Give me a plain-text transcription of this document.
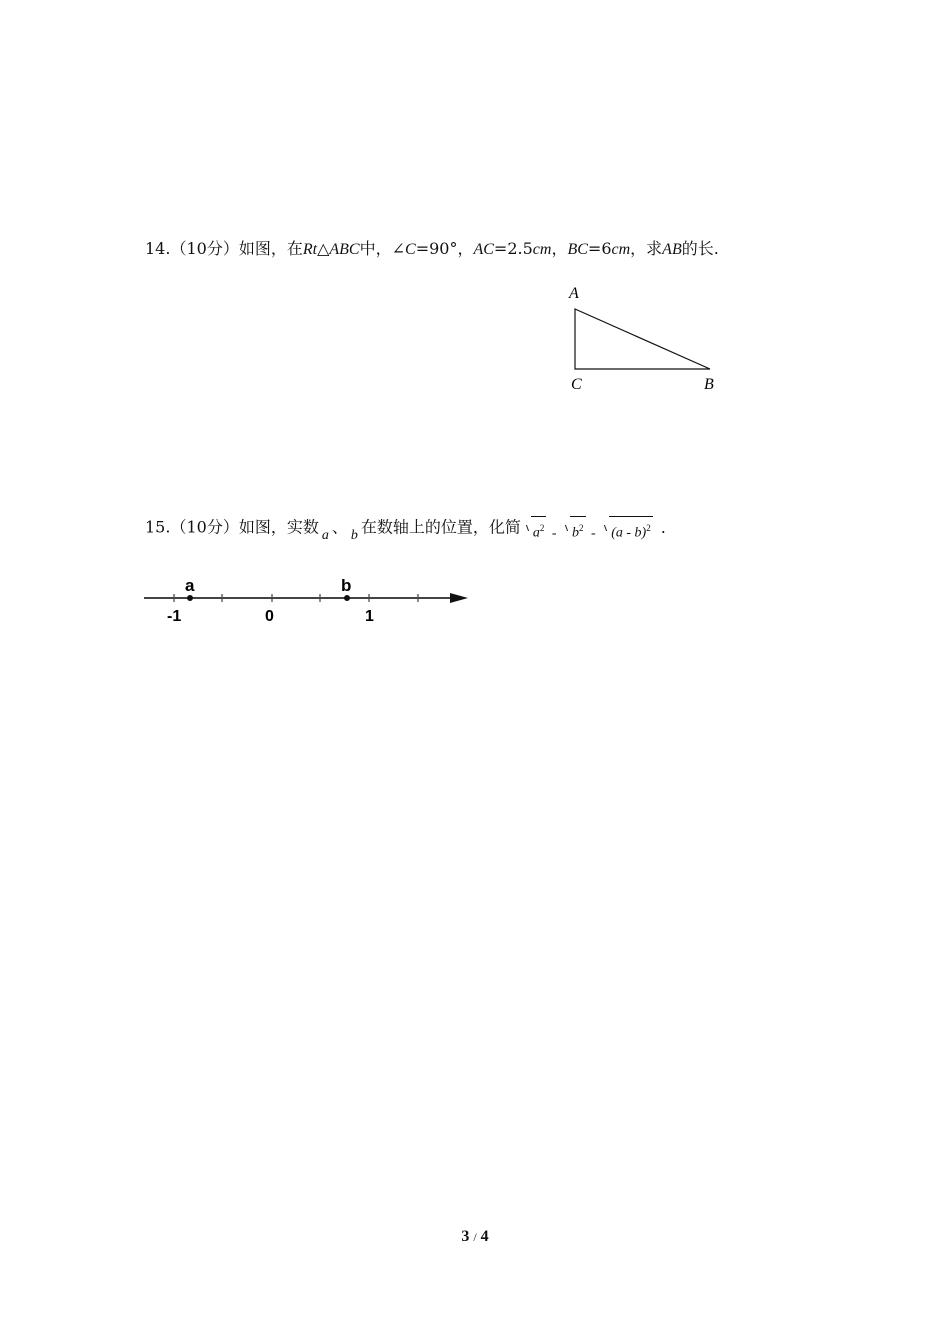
14.（10分）如图，在Rt△ABC中，∠C=90°，AC=2.5cm，BC=6cm，求AB的长.
A
C	B
15.（10分）如图，实数 a 、 b 在数轴上的位置，化简 $a^2 - b^2 - (a - b)^2$ .
a	b
-1	0	1
3 / 4
